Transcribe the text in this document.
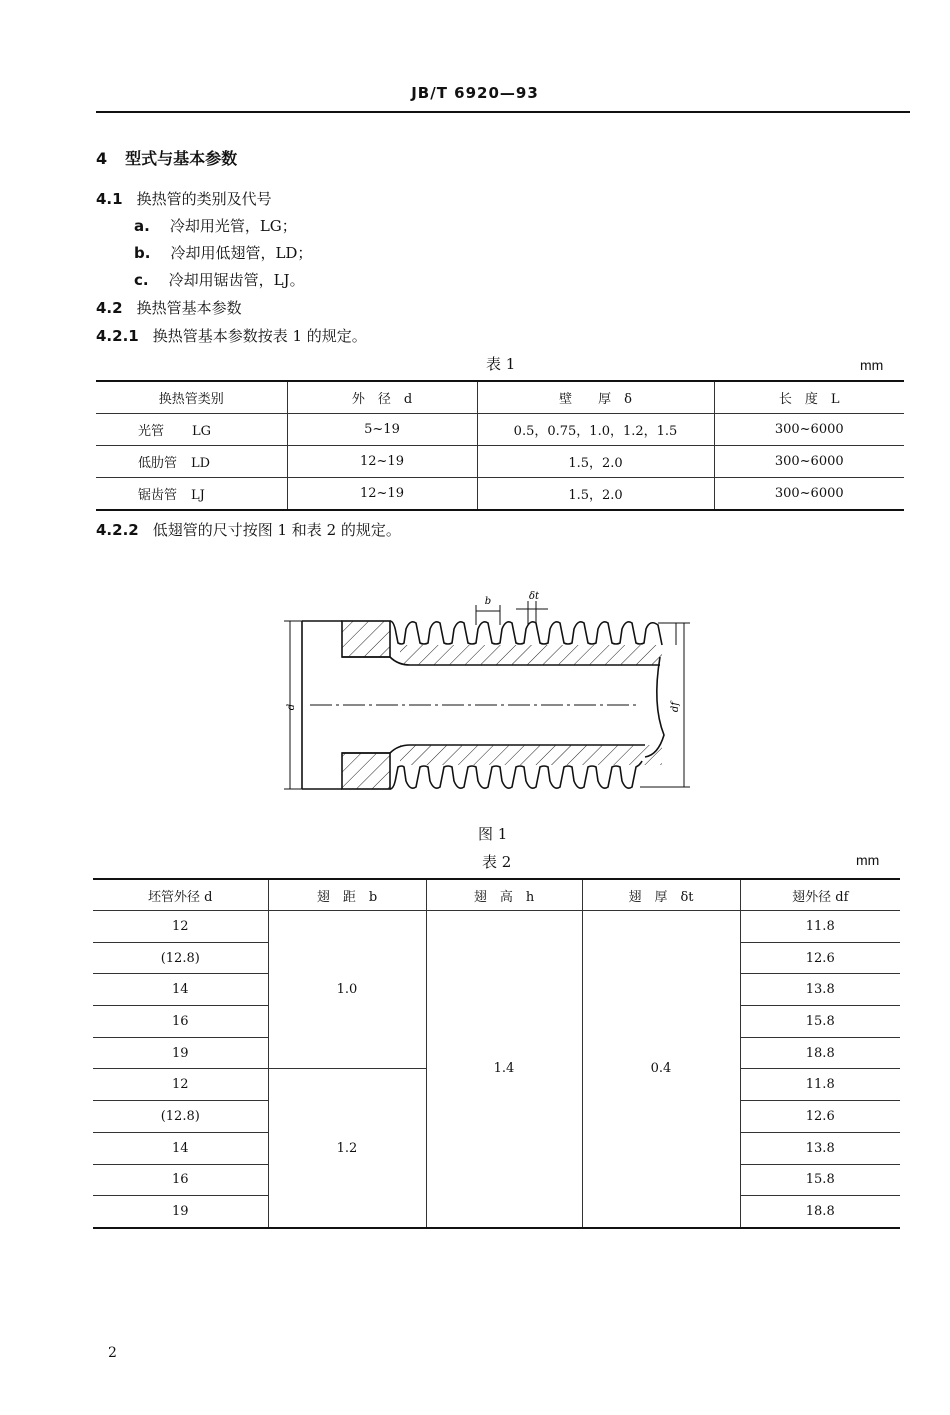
JB/T 6920—93
4 型式与基本参数
4.1 换热管的类别及代号
a. 冷却用光管，LG；
b. 冷却用低翅管，LD；
c. 冷却用锯齿管，LJ。
4.2 换热管基本参数
4.2.1 换热管基本参数按表 1 的规定。
表 1	mm
换热管类别	外　径　d	壁　　厚　δ	长　度　L
光管 LG	5~19	0.5，0.75，1.0，1.2，1.5	300~6000
低肋管 LD	12~19	1.5，2.0	300~6000
锯齿管 LJ	12~19	1.5，2.0	300~6000
4.2.2 低翅管的尺寸按图 1 和表 2 的规定。
b	δt
d	df
图 1
表 2	mm
坯管外径 d	翅　距　b	翅　高　h	翅　厚　δt	翅外径 df
12	1.0	1.4	0.4	11.8
(12.8)				12.6
14				13.8
16				15.8
19				18.8
12	1.2			11.8
(12.8)				12.6
14				13.8
16				15.8
19				18.8
2
